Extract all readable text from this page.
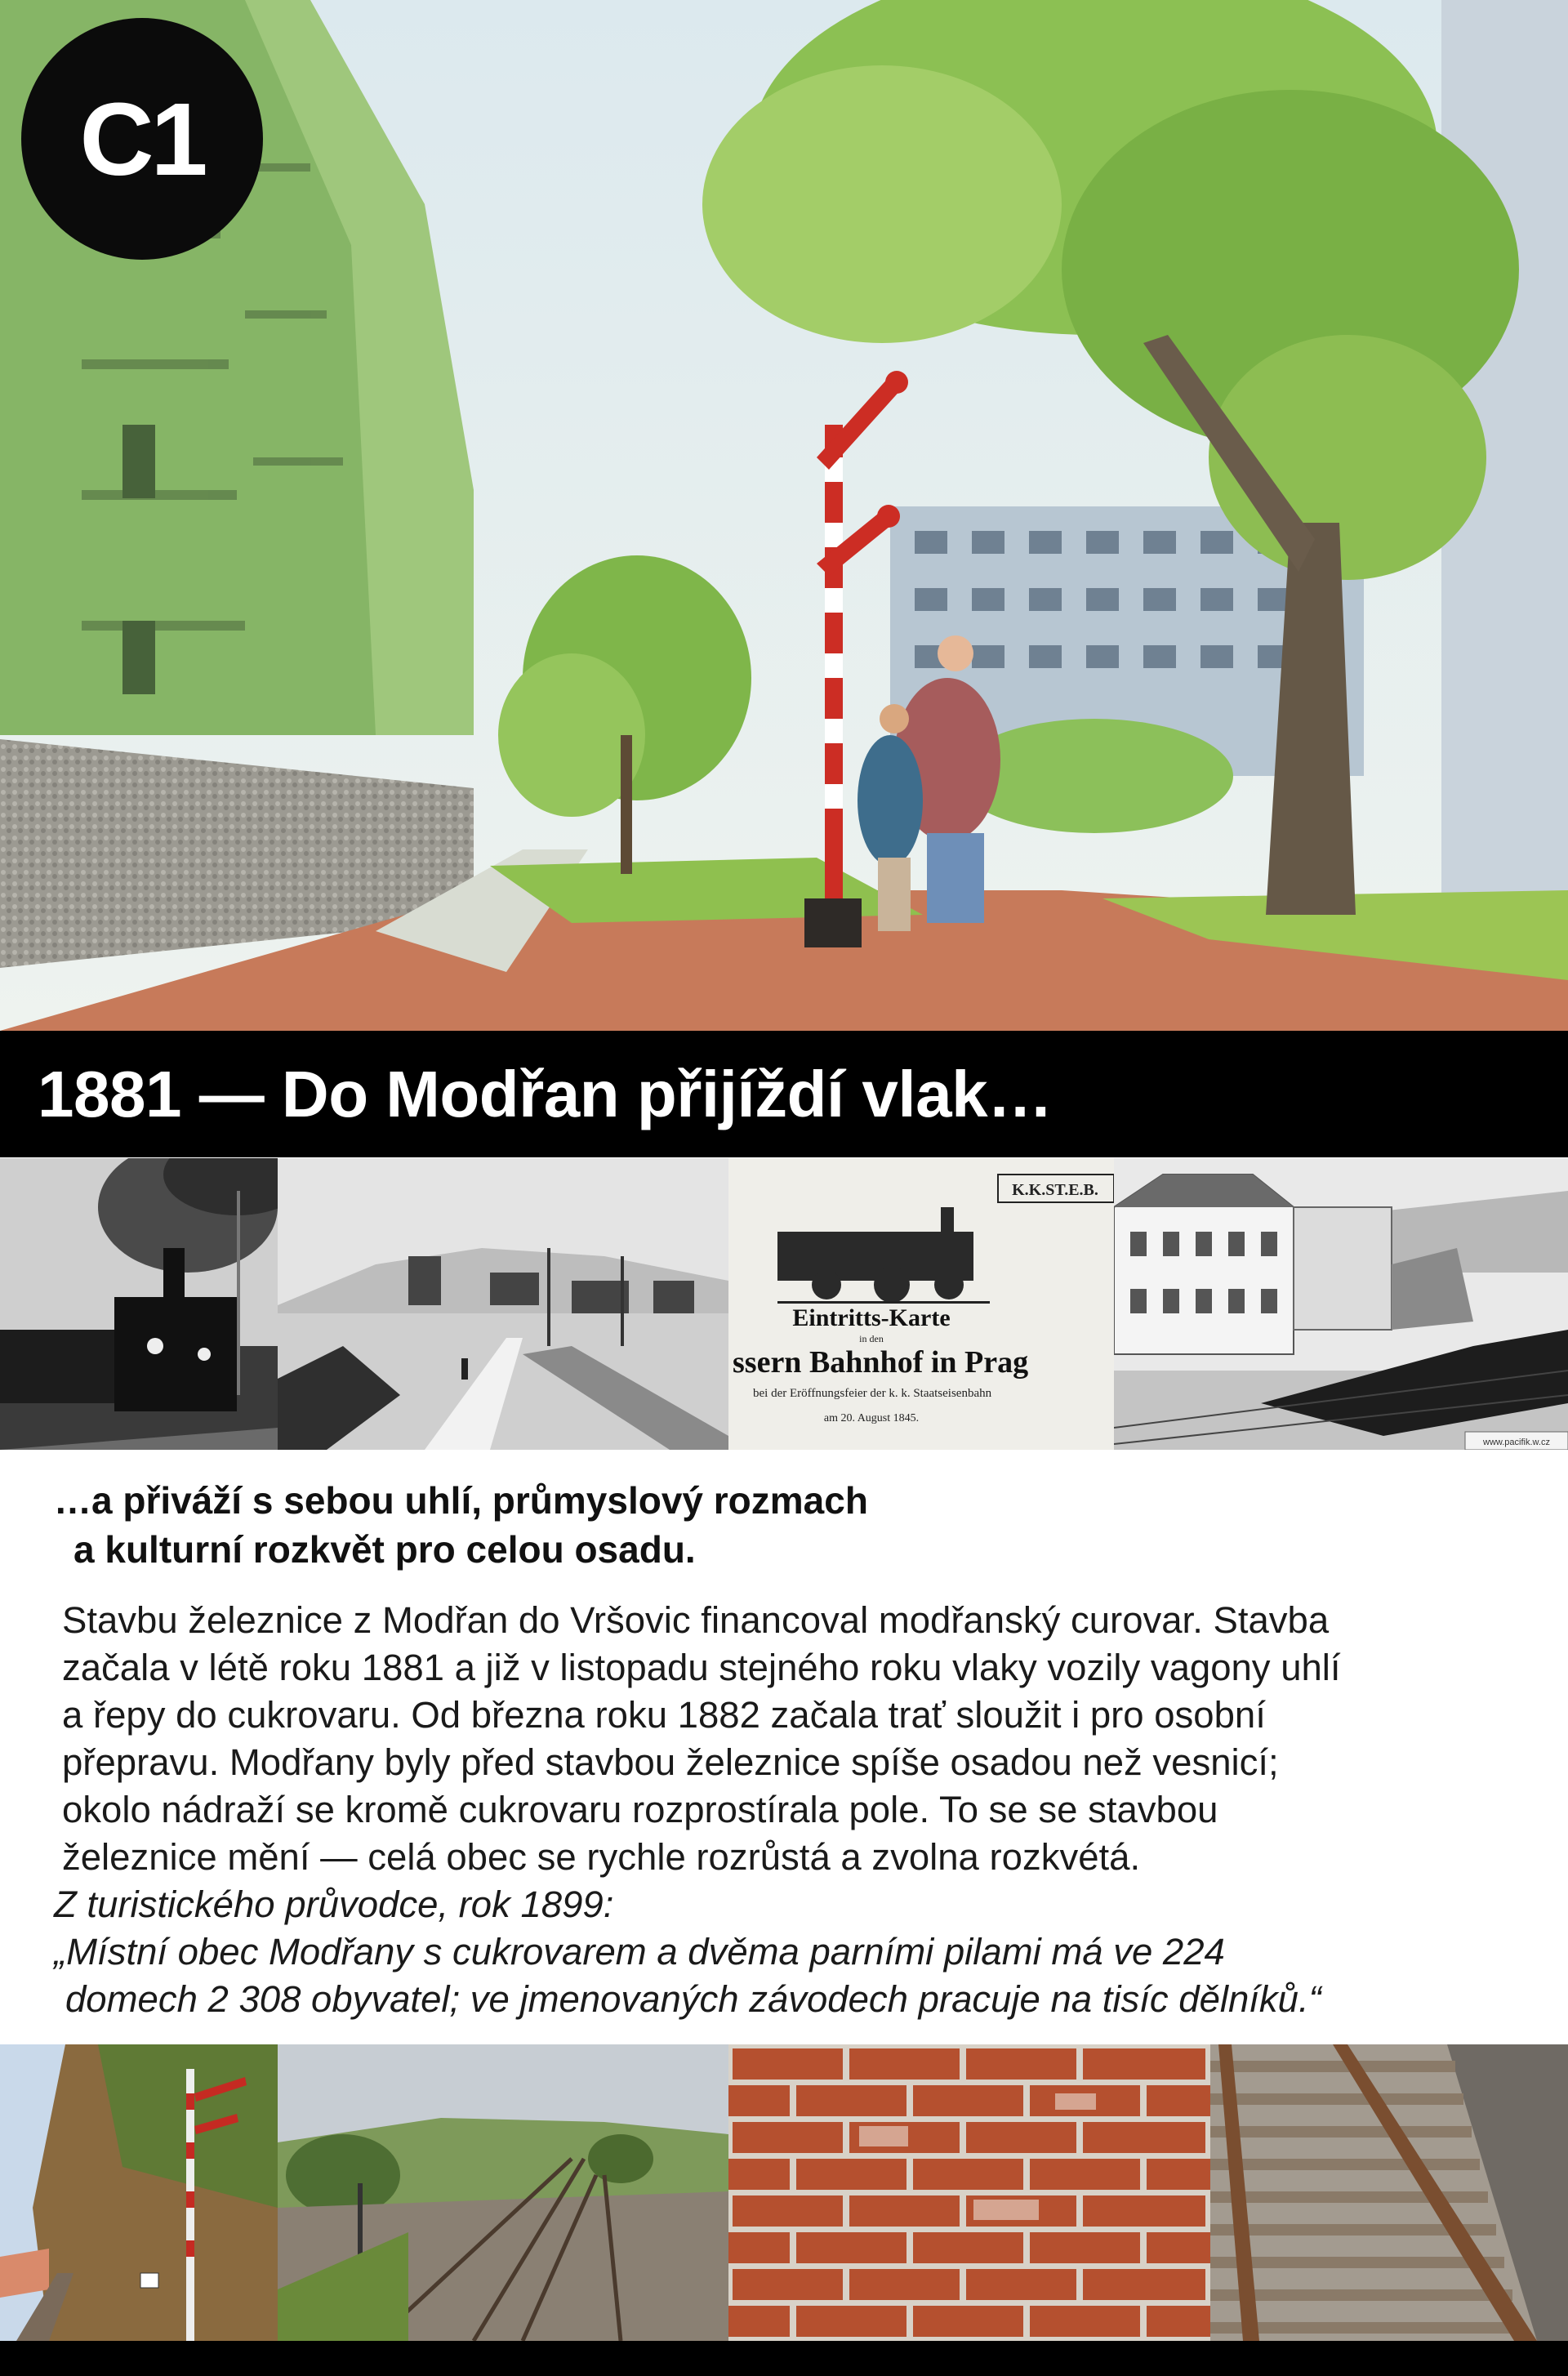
C1
1881 — Do Modřan přijíždí vlak…
K.K.ST.E.B.
Eintritts-Karte
in den
ssern Bahnhof in Prag
bei der Eröffnungsfeier der k. k. Staatseisenbahn
am 20. August 1845.
www.pacifik.w.cz
…a přiváží s sebou uhlí, průmyslový rozmach
a kulturní rozkvět pro celou osadu.
Stavbu železnice z Modřan do Vršovic financoval modřanský curovar. Stavba
začala v létě roku 1881 a již v listopadu stejného roku vlaky vozily vagony uhlí
a řepy do cukrovaru. Od března roku 1882 začala trať sloužit i pro osobní
přepravu. Modřany byly před stavbou železnice spíše osadou než vesnicí;
okolo nádraží se kromě cukrovaru rozprostírala pole. To se se stavbou
železnice mění — celá obec se rychle rozrůstá a zvolna rozkvétá.
Z turistického průvodce, rok 1899:
„Místní obec Modřany s cukrovarem a dvěma parními pilami má ve 224
domech 2 308 obyvatel; ve jmenovaných závodech pracuje na tisíc dělníků.“
